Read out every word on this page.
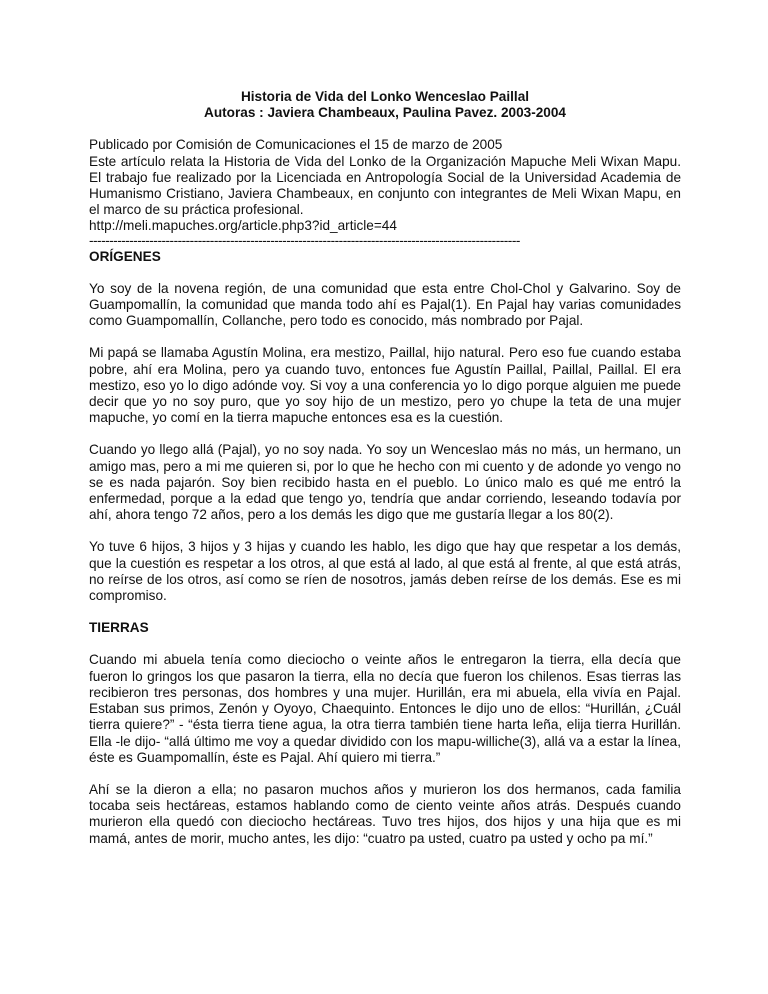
Historia de Vida del Lonko Wenceslao Paillal
Autoras : Javiera Chambeaux, Paulina Pavez. 2003-2004
Publicado por Comisión de Comunicaciones el 15 de marzo de 2005
Este artículo relata la Historia de Vida del Lonko de la Organización Mapuche Meli Wixan Mapu. El trabajo fue realizado por la Licenciada en Antropología Social de la Universidad Academia de Humanismo Cristiano, Javiera Chambeaux, en conjunto con integrantes de Meli Wixan Mapu, en el marco de su práctica profesional.
http://meli.mapuches.org/article.php3?id_article=44
-----------------------------------------------------------------------------------------------------------
ORÍGENES

Yo soy de la novena región, de una comunidad que esta entre Chol-Chol y Galvarino. Soy de Guampomallín, la comunidad que manda todo ahí es Pajal(1). En Pajal hay varias comunidades como Guampomallín, Collanche, pero todo es conocido, más nombrado por Pajal.

Mi papá se llamaba Agustín Molina, era mestizo, Paillal, hijo natural. Pero eso fue cuando estaba pobre, ahí era Molina, pero ya cuando tuvo, entonces fue Agustín Paillal, Paillal, Paillal. El era mestizo, eso yo lo digo adónde voy. Si voy a una conferencia yo lo digo porque alguien me puede decir que yo no soy puro, que yo soy hijo de un mestizo, pero yo chupe la teta de una mujer mapuche, yo comí en la tierra mapuche entonces esa es la cuestión.

Cuando yo llego allá (Pajal), yo no soy nada. Yo soy un Wenceslao más no más, un hermano, un amigo mas, pero a mi me quieren si, por lo que he hecho con mi cuento y de adonde yo vengo no se es nada pajarón. Soy bien recibido hasta en el pueblo. Lo único malo es qué me entró la enfermedad, porque a la edad que tengo yo, tendría que andar corriendo, leseando todavía por ahí, ahora tengo 72 años, pero a los demás les digo que me gustaría llegar a los 80(2).

Yo tuve 6 hijos, 3 hijos y 3 hijas y cuando les hablo, les digo que hay que respetar a los demás, que la cuestión es respetar a los otros, al que está al lado, al que está al frente, al que está atrás, no reírse de los otros, así como se ríen de nosotros, jamás deben reírse de los demás. Ese es mi compromiso.

TIERRAS

Cuando mi abuela tenía como dieciocho o veinte años le entregaron la tierra, ella decía que fueron lo gringos los que pasaron la tierra, ella no decía que fueron los chilenos. Esas tierras las recibieron tres personas, dos hombres y una mujer. Hurillán, era mi abuela, ella vivía en Pajal. Estaban sus primos, Zenón y Oyoyo, Chaequinto. Entonces le dijo uno de ellos: “Hurillán, ¿Cuál tierra quiere?” - “ésta tierra tiene agua, la otra tierra también tiene harta leña, elija tierra Hurillán. Ella -le dijo- “allá último me voy a quedar dividido con los mapu-williche(3), allá va a estar la línea, éste es Guampomallín, éste es Pajal. Ahí quiero mi tierra.”

Ahí se la dieron a ella; no pasaron muchos años y murieron los dos hermanos, cada familia tocaba seis hectáreas, estamos hablando como de ciento veinte años atrás. Después cuando murieron ella quedó con dieciocho hectáreas. Tuvo tres hijos, dos hijos y una hija que es mi mamá, antes de morir, mucho antes, les dijo: “cuatro pa usted, cuatro pa usted y ocho pa mí.”
